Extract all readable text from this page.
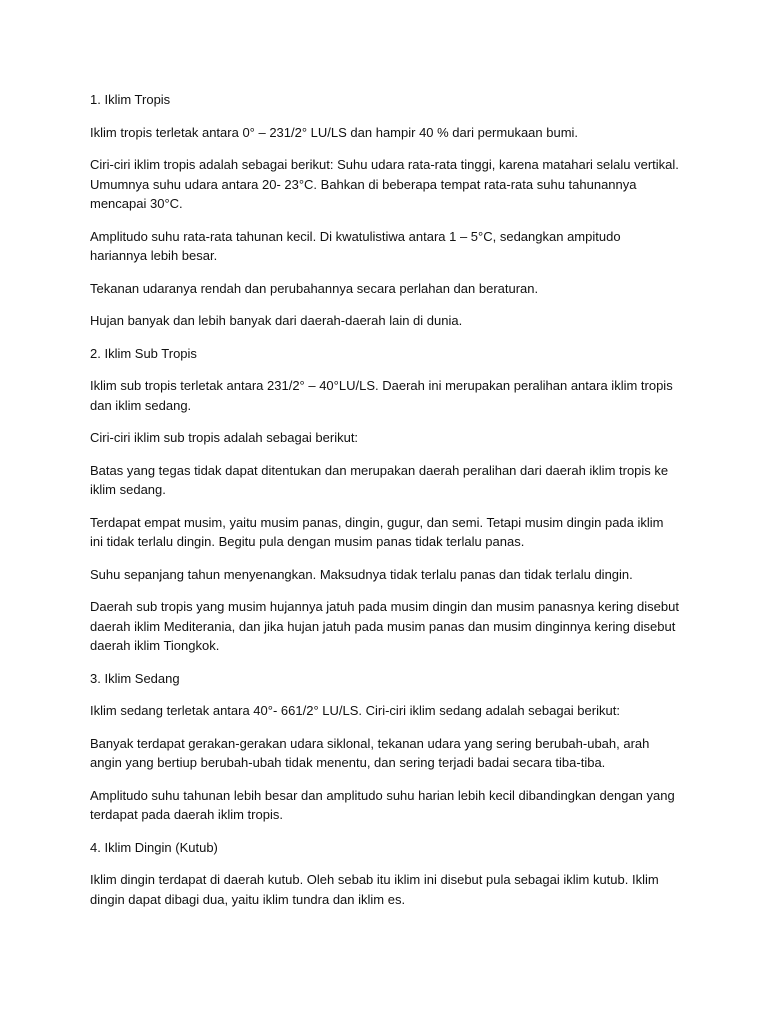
1. Iklim Tropis

Iklim tropis terletak antara 0° – 231/2° LU/LS dan hampir 40 % dari permukaan bumi.

Ciri-ciri iklim tropis adalah sebagai berikut: Suhu udara rata-rata tinggi, karena matahari selalu vertikal. Umumnya suhu udara antara 20- 23°C. Bahkan di beberapa tempat rata-rata suhu tahunannya mencapai 30°C.

Amplitudo suhu rata-rata tahunan kecil. Di kwatulistiwa antara 1 – 5°C, sedangkan ampitudo hariannya lebih besar.

Tekanan udaranya rendah dan perubahannya secara perlahan dan beraturan.

Hujan banyak dan lebih banyak dari daerah-daerah lain di dunia.

2. Iklim Sub Tropis

Iklim sub tropis terletak antara 231/2° – 40°LU/LS. Daerah ini merupakan peralihan antara iklim tropis dan iklim sedang.

Ciri-ciri iklim sub tropis adalah sebagai berikut:

Batas yang tegas tidak dapat ditentukan dan merupakan daerah peralihan dari daerah iklim tropis ke iklim sedang.

Terdapat empat musim, yaitu musim panas, dingin, gugur, dan semi. Tetapi musim dingin pada iklim ini tidak terlalu dingin. Begitu pula dengan musim panas tidak terlalu panas.

Suhu sepanjang tahun menyenangkan. Maksudnya tidak terlalu panas dan tidak terlalu dingin.

Daerah sub tropis yang musim hujannya jatuh pada musim dingin dan musim panasnya kering disebut daerah iklim Mediterania, dan jika hujan jatuh pada musim panas dan musim dinginnya kering disebut daerah iklim Tiongkok.

3. Iklim Sedang

Iklim sedang terletak antara 40°- 661/2° LU/LS. Ciri-ciri iklim sedang adalah sebagai berikut:

Banyak terdapat gerakan-gerakan udara siklonal, tekanan udara yang sering berubah-ubah, arah angin yang bertiup berubah-ubah tidak menentu, dan sering terjadi badai secara tiba-tiba.

Amplitudo suhu tahunan lebih besar dan amplitudo suhu harian lebih kecil dibandingkan dengan yang terdapat pada daerah iklim tropis.

4. Iklim Dingin (Kutub)

Iklim dingin terdapat di daerah kutub. Oleh sebab itu iklim ini disebut pula sebagai iklim kutub. Iklim dingin dapat dibagi dua, yaitu iklim tundra dan iklim es.
